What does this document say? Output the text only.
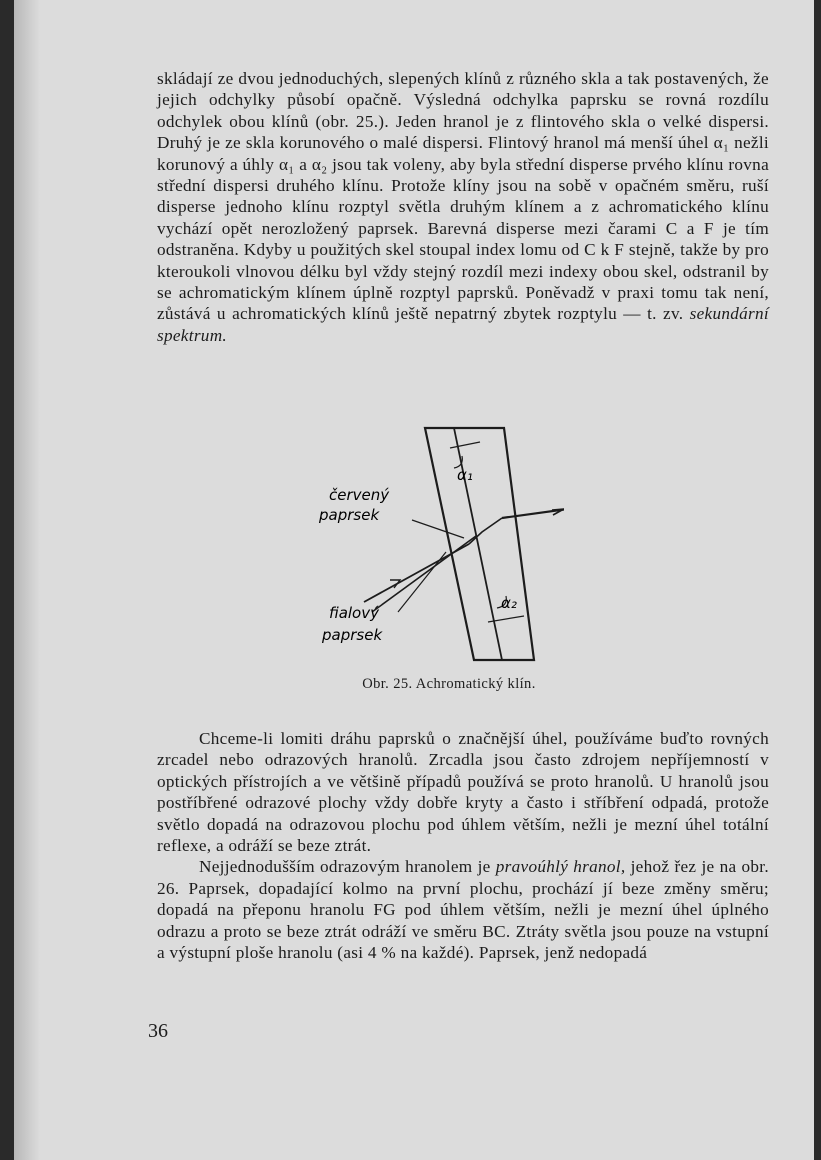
skládají ze dvou jednoduchých, slepených klínů z různého skla a tak postavených, že jejich odchylky působí opačně. Výsledná odchylka paprsku se rovná rozdílu odchylek obou klínů (obr. 25.). Jeden hranol je z flintového skla o velké dispersi. Druhý je ze skla korunového o malé dispersi. Flintový hranol má menší úhel α₁ nežli korunový a úhly α₁ a α₂ jsou tak voleny, aby byla střední disperse prvého klínu rovna střední dispersi druhého klínu. Protože klíny jsou na sobě v opačném směru, ruší disperse jednoho klínu rozptyl světla druhým klínem a z achromatického klínu vychází opět nerozložený paprsek. Barevná disperse mezi čarami C a F je tím odstraněna. Kdyby u použitých skel stoupal index lomu od C k F stejně, takže by pro kteroukoli vlnovou délku byl vždy stejný rozdíl mezi indexy obou skel, odstranil by se achromatickým klínem úplně rozptyl paprsků. Poněvadž v praxi tomu tak není, zůstává u achromatických klínů ještě nepatrný zbytek rozptylu — t. zv. sekundární spektrum.

α₁
α₂
červený
paprsek
fialový
paprsek
Obr. 25. Achromatický klín.

Chceme-li lomiti dráhu paprsků o značnější úhel, používáme buďto rovných zrcadel nebo odrazových hranolů. Zrcadla jsou často zdrojem nepříjemností v optických přístrojích a ve většině případů používá se proto hranolů. U hranolů jsou postříbřené odrazové plochy vždy dobře kryty a často i stříbření odpadá, protože světlo dopadá na odrazovou plochu pod úhlem větším, nežli je mezní úhel totální reflexe, a odráží se beze ztrát.

Nejjednodušším odrazovým hranolem je pravoúhlý hranol, jehož řez je na obr. 26. Paprsek, dopadající kolmo na první plochu, prochází jí beze změny směru; dopadá na přeponu hranolu FG pod úhlem větším, nežli je mezní úhel úplného odrazu a proto se beze ztrát odráží ve směru BC. Ztráty světla jsou pouze na vstupní a výstupní ploše hranolu (asi 4 % na každé). Paprsek, jenž nedopadá

36
